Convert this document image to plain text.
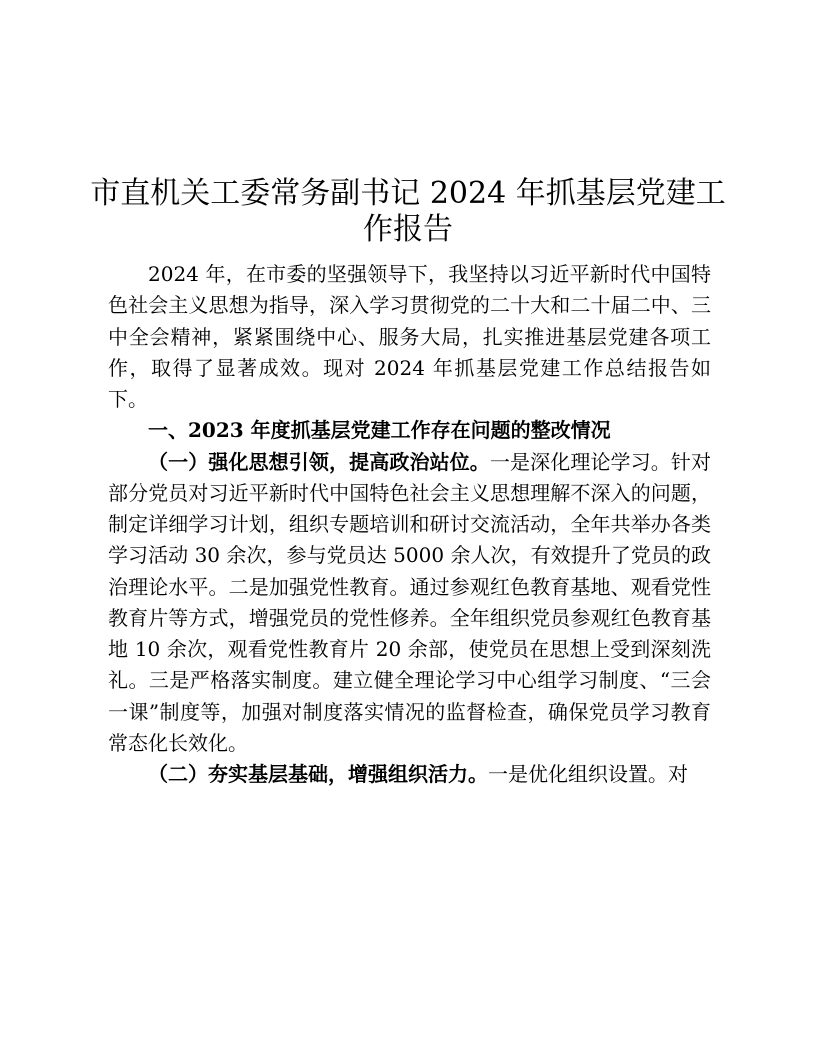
市直机关工委常务副书记 2024 年抓基层党建工
作报告

2024 年，在市委的坚强领导下，我坚持以习近平新时代中国特色社会主义思想为指导，深入学习贯彻党的二十大和二十届二中、三中全会精神，紧紧围绕中心、服务大局，扎实推进基层党建各项工作，取得了显著成效。现对 2024 年抓基层党建工作总结报告如下。

一、2023 年度抓基层党建工作存在问题的整改情况

（一）强化思想引领，提高政治站位。一是深化理论学习。针对部分党员对习近平新时代中国特色社会主义思想理解不深入的问题，制定详细学习计划，组织专题培训和研讨交流活动，全年共举办各类学习活动 30 余次，参与党员达 5000 余人次，有效提升了党员的政治理论水平。二是加强党性教育。通过参观红色教育基地、观看党性教育片等方式，增强党员的党性修养。全年组织党员参观红色教育基地 10 余次，观看党性教育片 20 余部，使党员在思想上受到深刻洗礼。三是严格落实制度。建立健全理论学习中心组学习制度、“三会一课”制度等，加强对制度落实情况的监督检查，确保党员学习教育常态化长效化。

（二）夯实基层基础，增强组织活力。一是优化组织设置。对
